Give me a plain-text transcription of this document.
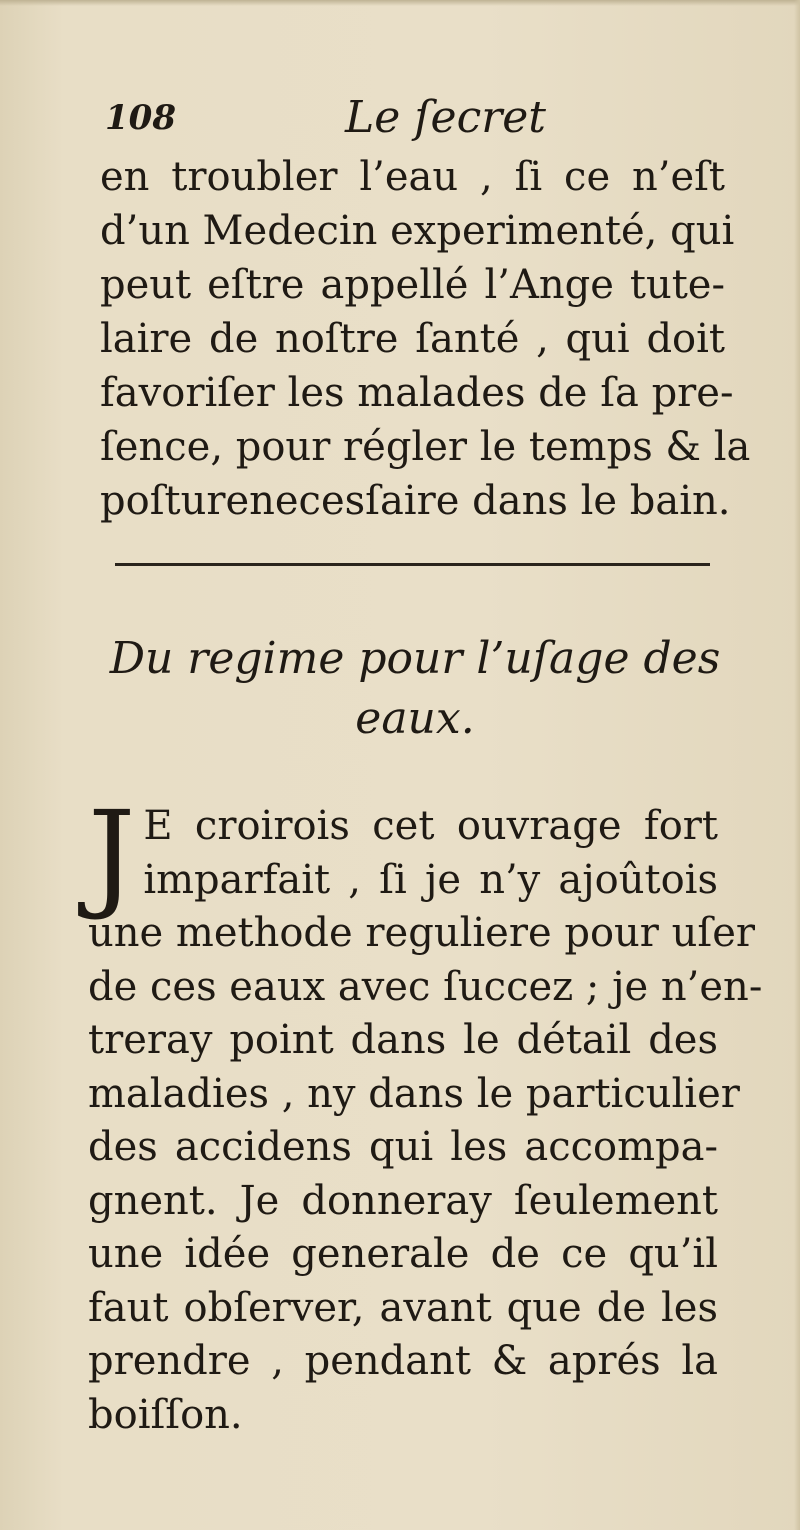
108	Le ſecret
en troubler l’eau , ſi ce n’eſt
d’un Medecin experimenté, qui
peut eſtre appellé l’Ange tute-
laire de noſtre ſanté , qui doit
favoriſer les malades de ſa pre-
ſence, pour régler le temps & la
poſturenecesſaire dans le bain.
Du regime pour l’uſage des
eaux.
J E croirois cet ouvrage fort
imparfait , ſi je n’y ajoûtois
une methode reguliere pour uſer
de ces eaux avec ſuccez ; je n’en-
treray point dans le détail des
maladies , ny dans le particulier
des accidens qui les accompa-
gnent. Je donneray ſeulement
une idée generale de ce qu’il
faut obſerver, avant que de les
prendre , pendant & aprés la
boiſſon.
